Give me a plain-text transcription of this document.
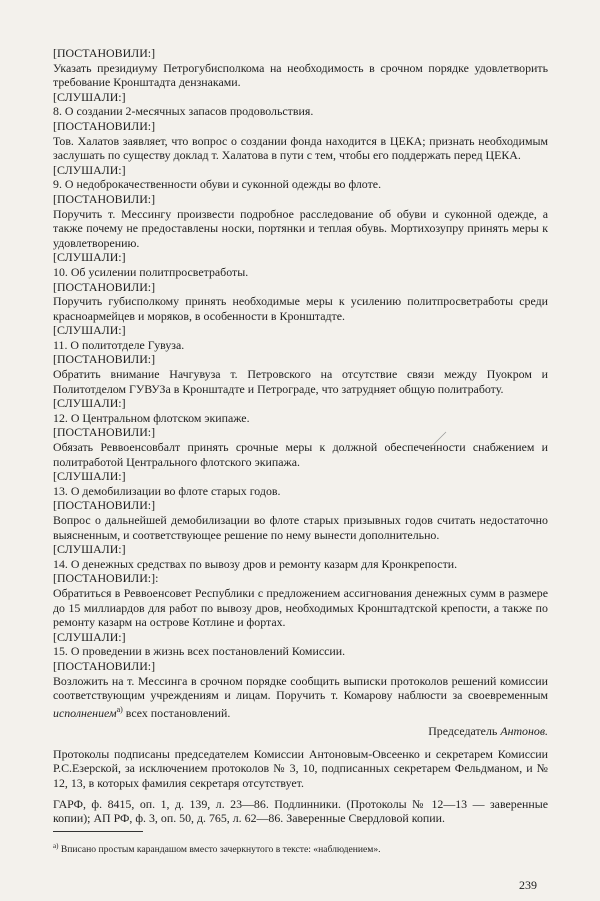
[ПОСТАНОВИЛИ:]

Указать президиуму Петрогубисполкома на необходимость в срочном порядке удовлетворить требование Кронштадта дензнаками.

[СЛУШАЛИ:]

8. О создании 2-месячных запасов продовольствия.

[ПОСТАНОВИЛИ:]

Тов. Халатов заявляет, что вопрос о создании фонда находится в ЦЕКА; признать необходимым заслушать по существу доклад т. Халатова в пути с тем, чтобы его поддержать перед ЦЕКА.

[СЛУШАЛИ:]

9. О недоброкачественности обуви и суконной одежды во флоте.

[ПОСТАНОВИЛИ:]

Поручить т. Мессингу произвести подробное расследование об обуви и суконной одежде, а также почему не предоставлены носки, портянки и теплая обувь. Мортихозупру принять меры к удовлетворению.

[СЛУШАЛИ:]

10. Об усилении политпросветработы.

[ПОСТАНОВИЛИ:]

Поручить губисполкому принять необходимые меры к усилению политпросветработы среди красноармейцев и моряков, в особенности в Кронштадте.

[СЛУШАЛИ:]

11. О политотделе Гувуза.

[ПОСТАНОВИЛИ:]

Обратить внимание Начгувуза т. Петровского на отсутствие связи между Пуокром и Политотделом ГУВУЗа в Кронштадте и Петрограде, что затрудняет общую политработу.

[СЛУШАЛИ:]

12. О Центральном флотском экипаже.

[ПОСТАНОВИЛИ:]

Обязать Реввоенсовбалт принять срочные меры к должной обеспеченности снабжением и политработой Центрального флотского экипажа.

[СЛУШАЛИ:]

13. О демобилизации во флоте старых годов.

[ПОСТАНОВИЛИ:]

Вопрос о дальнейшей демобилизации во флоте старых призывных годов считать недостаточно выясненным, и соответствующее решение по нему вынести дополнительно.

[СЛУШАЛИ:]

14. О денежных средствах по вывозу дров и ремонту казарм для Кронкрепости.

[ПОСТАНОВИЛИ:]:

Обратиться в Реввоенсовет Республики с предложением ассигнования денежных сумм в размере до 15 миллиардов для работ по вывозу дров, необходимых Кронштадтской крепости, а также по ремонту казарм на острове Котлине и фортах.

[СЛУШАЛИ:]

15. О проведении в жизнь всех постановлений Комиссии.

[ПОСТАНОВИЛИ:]

Возложить на т. Мессинга в срочном порядке сообщить выписки протоколов решений комиссии соответствующим учреждениям и лицам. Поручить т. Комарову наблюсти за своевременным исполнением$^{а)}$ всех постановлений.

Председатель Антонов.

Протоколы подписаны председателем Комиссии Антоновым-Овсеенко и секретарем Комиссии Р.С.Езерской, за исключением протоколов № 3, 10, подписанных секретарем Фельдманом, и № 12, 13, в которых фамилия секретаря отсутствует.

ГАРФ, ф. 8415, оп. 1, д. 139, л. 23—86. Подлинники. (Протоколы № 12—13 — заверенные копии); АП РФ, ф. 3, оп. 50, д. 765, л. 62—86. Заверенные Свердловой копии.

$^{а)}$ Вписано простым карандашом вместо зачеркнутого в тексте: «наблюдением».

239
